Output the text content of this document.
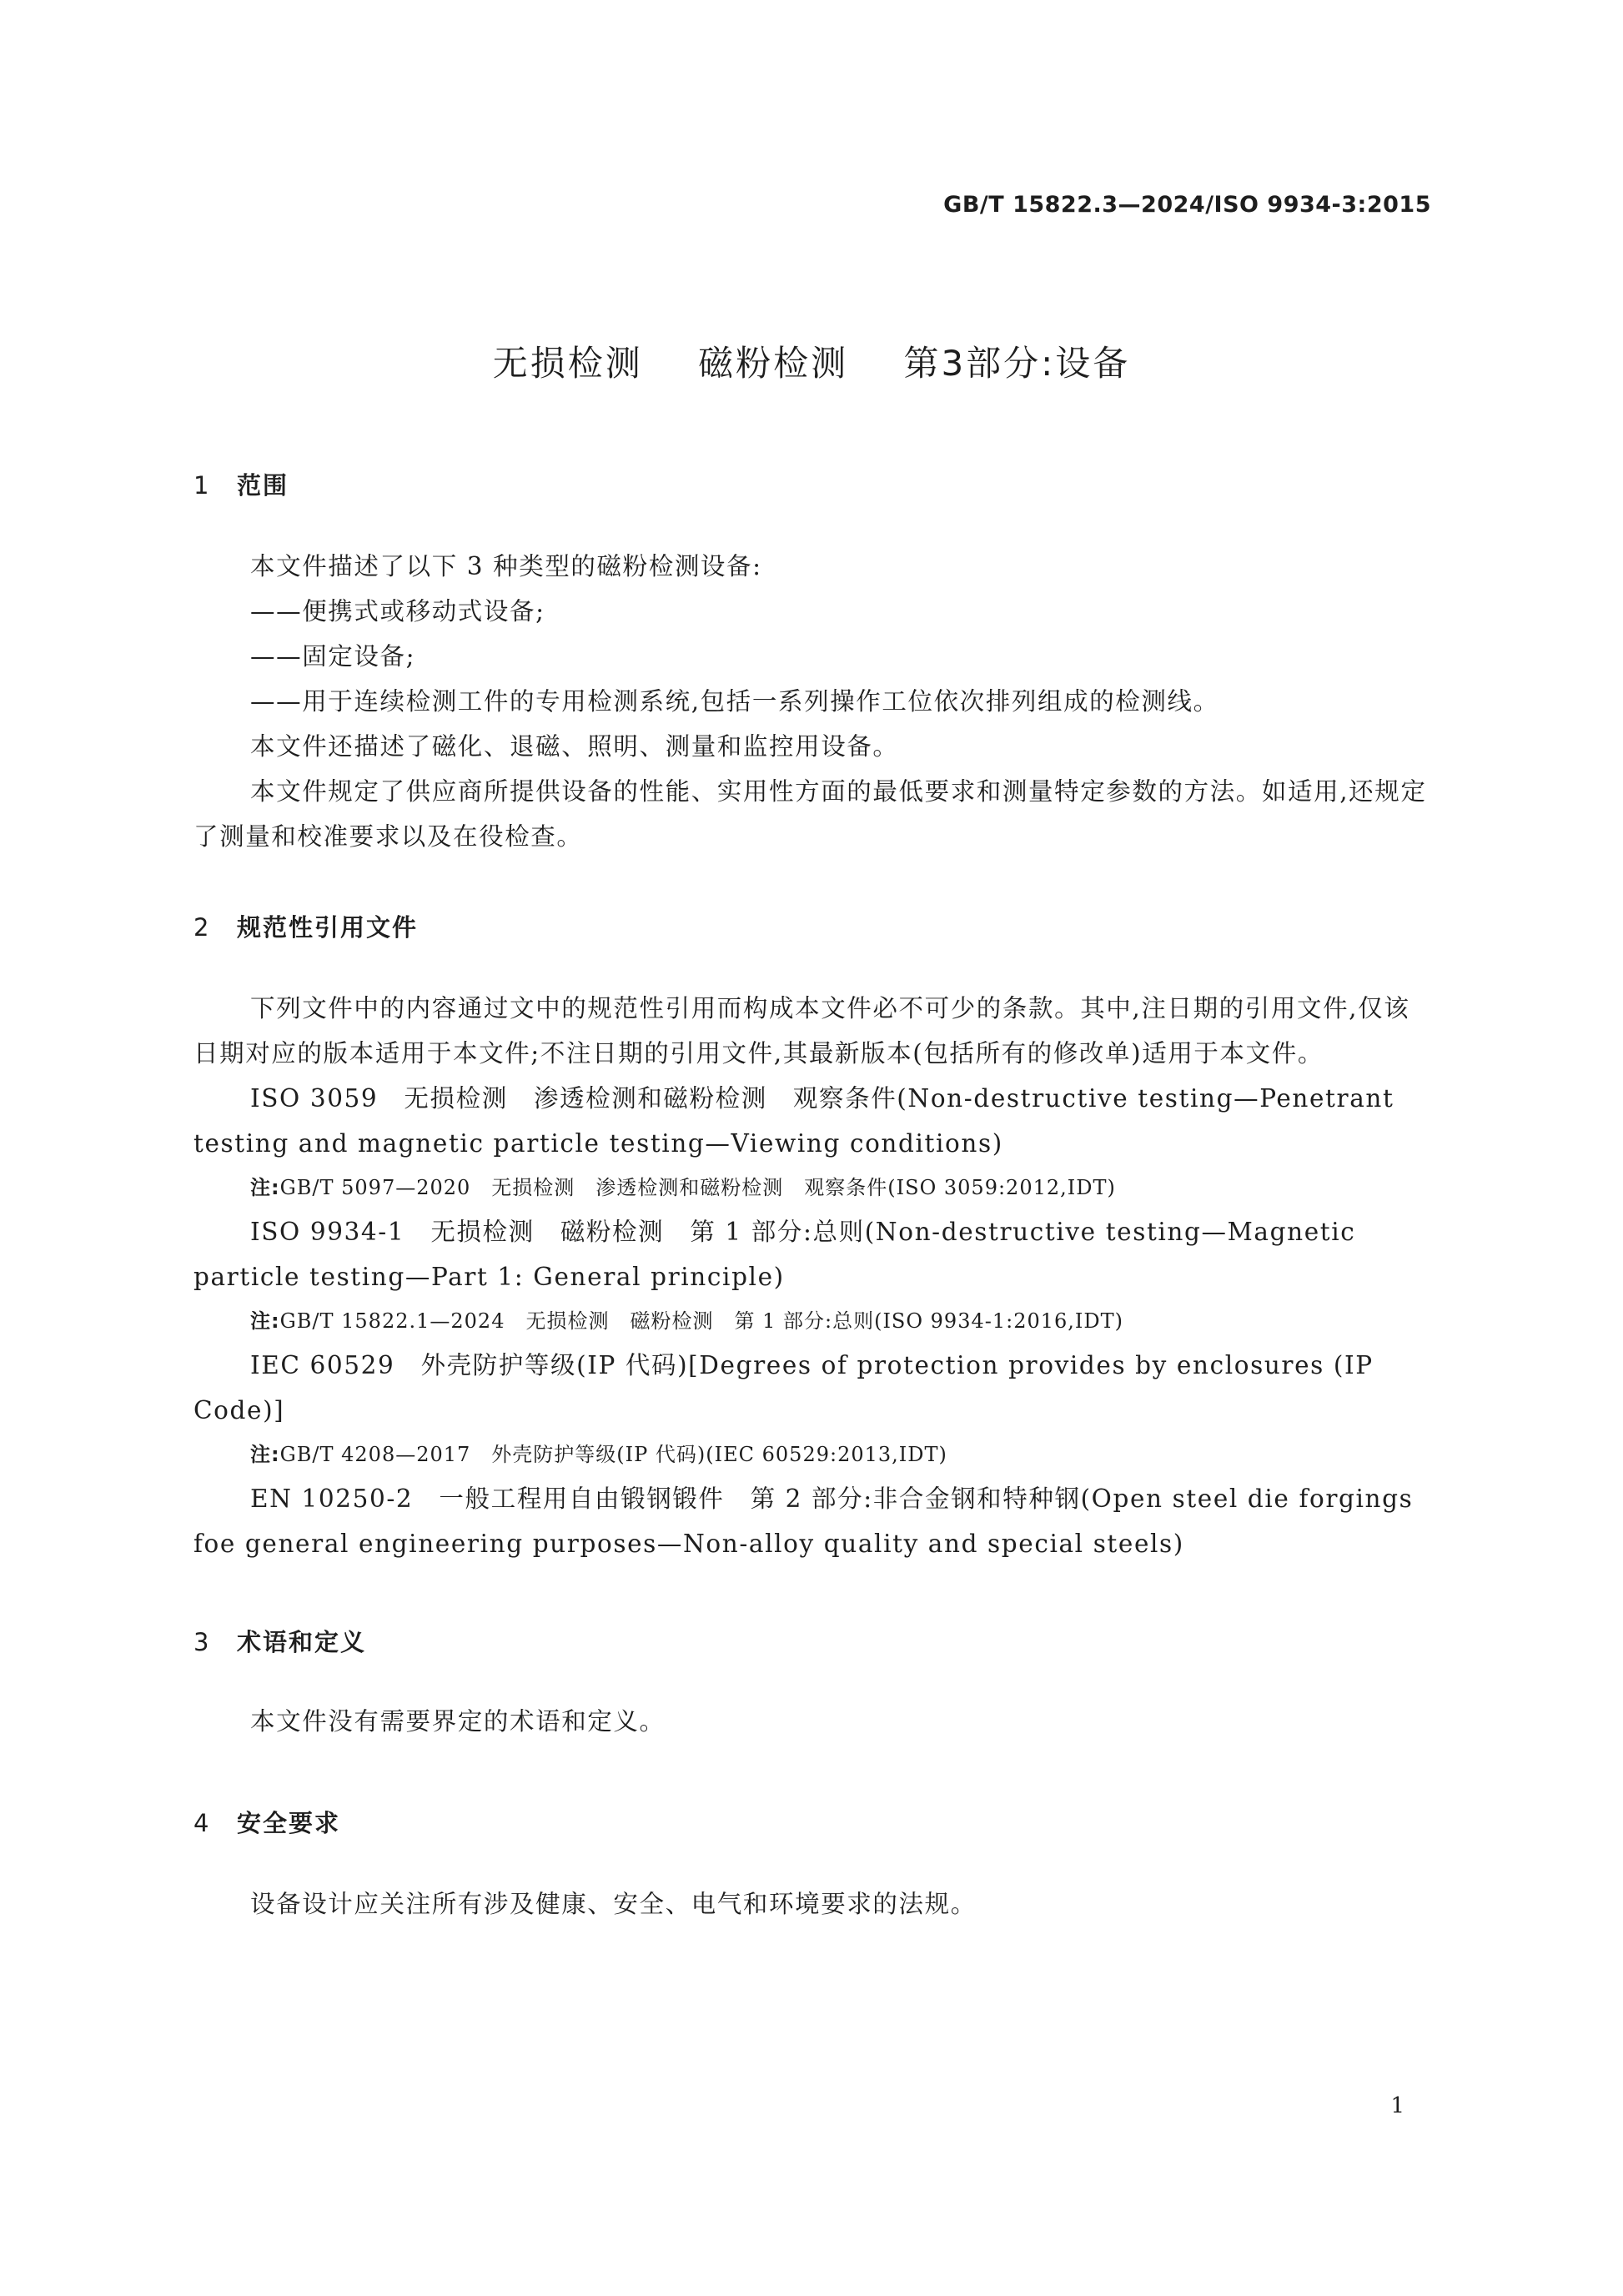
GB/T 15822.3—2024/ISO 9934-3:2015
无损检测 磁粉检测 第3部分:设备
1 范围
本文件描述了以下 3 种类型的磁粉检测设备:
——便携式或移动式设备;
——固定设备;
——用于连续检测工件的专用检测系统,包括一系列操作工位依次排列组成的检测线。
本文件还描述了磁化、退磁、照明、测量和监控用设备。
本文件规定了供应商所提供设备的性能、实用性方面的最低要求和测量特定参数的方法。如适用,还规定了测量和校准要求以及在役检查。
2 规范性引用文件
下列文件中的内容通过文中的规范性引用而构成本文件必不可少的条款。其中,注日期的引用文件,仅该日期对应的版本适用于本文件;不注日期的引用文件,其最新版本(包括所有的修改单)适用于本文件。
ISO 3059　无损检测　渗透检测和磁粉检测　观察条件(Non-destructive testing—Penetrant testing and magnetic particle testing—Viewing conditions)
注:GB/T 5097—2020　无损检测　渗透检测和磁粉检测　观察条件(ISO 3059:2012,IDT)
ISO 9934-1　无损检测　磁粉检测　第 1 部分:总则(Non-destructive testing—Magnetic particle testing—Part 1: General principle)
注:GB/T 15822.1—2024　无损检测　磁粉检测　第 1 部分:总则(ISO 9934-1:2016,IDT)
IEC 60529　外壳防护等级(IP 代码)[Degrees of protection provides by enclosures (IP Code)]
注:GB/T 4208—2017　外壳防护等级(IP 代码)(IEC 60529:2013,IDT)
EN 10250-2　一般工程用自由锻钢锻件　第 2 部分:非合金钢和特种钢(Open steel die forgings foe general engineering purposes—Non-alloy quality and special steels)
3 术语和定义
本文件没有需要界定的术语和定义。
4 安全要求
设备设计应关注所有涉及健康、安全、电气和环境要求的法规。
1
